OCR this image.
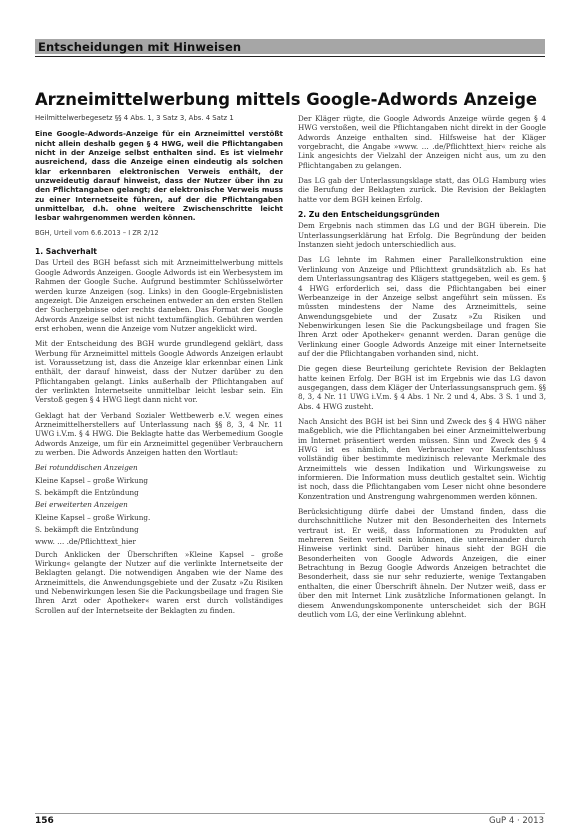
Entscheidungen mit Hinweisen
Arzneimittelwerbung mittels Google-Adwords Anzeige

Heilmittelwerbegesetz §§ 4 Abs. 1, 3 Satz 3, Abs. 4 Satz 1

Eine Google-Adwords-Anzeige für ein Arzneimittel verstößt nicht allein deshalb gegen § 4 HWG, weil die Pflichtangaben nicht in der Anzeige selbst enthalten sind. Es ist vielmehr ausreichend, dass die Anzeige einen eindeutig als solchen klar erkennbaren elektronischen Verweis enthält, der unzweideutig darauf hinweist, dass der Nutzer über ihn zu den Pflichtangaben gelangt; der elektronische Verweis muss zu einer Internetseite führen, auf der die Pflichtangaben unmittelbar, d.h. ohne weitere Zwischenschritte leicht lesbar wahrgenommen werden können.

BGH, Urteil vom 6.6.2013 – I ZR 2/12

1. Sachverhalt

Das Urteil des BGH befasst sich mit Arzneimittelwerbung mittels Google Adwords Anzeigen. Google Adwords ist ein Werbesystem im Rahmen der Google Suche. Aufgrund bestimmter Schlüsselwörter werden kurze Anzeigen (sog. Links) in den Google-Ergebnislisten angezeigt. Die Anzeigen erscheinen entweder an den ersten Stellen der Suchergebnisse oder rechts daneben. Das Format der Google Adwords Anzeige selbst ist nicht textumfänglich. Gebühren werden erst erhoben, wenn die Anzeige vom Nutzer angeklickt wird.

Mit der Entscheidung des BGH wurde grundlegend geklärt, dass Werbung für Arzneimittel mittels Google Adwords Anzeigen erlaubt ist. Voraussetzung ist, dass die Anzeige klar erkennbar einen Link enthält, der darauf hinweist, dass der Nutzer darüber zu den Pflichtangaben gelangt. Links außerhalb der Pflichtangaben auf der verlinkten Internetseite unmittelbar leicht lesbar sein. Ein Verstoß gegen § 4 HWG liegt dann nicht vor.

Geklagt hat der Verband Sozialer Wettbewerb e.V. wegen eines Arzneimittelherstellers auf Unterlassung nach §§ 8, 3, 4 Nr. 11 UWG i.V.m. § 4 HWG. Die Beklagte hatte das Werbemedium Google Adwords Anzeige, um für ein Arzneimittel gegenüber Verbrauchern zu werben. Die Adwords Anzeigen hatten den Wortlaut:

Bei rotunddischen Anzeigen

Kleine Kapsel – große Wirkung

S. bekämpft die Entzündung

Bei erweiterten Anzeigen

Kleine Kapsel – große Wirkung.

S. bekämpft die Entzündung

www. … .de/Pflichttext_hier

Durch Anklicken der Überschriften »Kleine Kapsel – große Wirkung« gelangte der Nutzer auf die verlinkte Internetseite der Beklagten gelangt. Die notwendigen Angaben wie der Name des Arzneimittels, die Anwendungsgebiete und der Zusatz »Zu Risiken und Nebenwirkungen lesen Sie die Packungsbeilage und fragen Sie Ihren Arzt oder Apotheker« waren erst durch vollständiges Scrollen auf der Internetseite der Beklagten zu finden.

Der Kläger rügte, die Google Adwords Anzeige würde gegen § 4 HWG verstoßen, weil die Pflichtangaben nicht direkt in der Google Adwords Anzeige enthalten sind. Hilfsweise hat der Kläger vorgebracht, die Angabe »www. … .de/Pflichttext_hier« reiche als Link angesichts der Vielzahl der Anzeigen nicht aus, um zu den Pflichtangaben zu gelangen.

Das LG gab der Unterlassungsklage statt, das OLG Hamburg wies die Berufung der Beklagten zurück. Die Revision der Beklagten hatte vor dem BGH keinen Erfolg.

2. Zu den Entscheidungsgründen

Dem Ergebnis nach stimmen das LG und der BGH überein. Die Unterlassungserklärung hat Erfolg. Die Begründung der beiden Instanzen sieht jedoch unterschiedlich aus.

Das LG lehnte im Rahmen einer Parallelkonstruktion eine Verlinkung von Anzeige und Pflichttext grundsätzlich ab. Es hat dem Unterlassungsantrag des Klägers stattgegeben, weil es gem. § 4 HWG erforderlich sei, dass die Pflichtangaben bei einer Werbeanzeige in der Anzeige selbst angeführt sein müssen. Es müssten mindestens der Name des Arzneimittels, seine Anwendungsgebiete und der Zusatz »Zu Risiken und Nebenwirkungen lesen Sie die Packungsbeilage und fragen Sie Ihren Arzt oder Apotheker« genannt werden. Daran genüge die Verlinkung einer Google Adwords Anzeige mit einer Internetseite auf der die Pflichtangaben vorhanden sind, nicht.

Die gegen diese Beurteilung gerichtete Revision der Beklagten hatte keinen Erfolg. Der BGH ist im Ergebnis wie das LG davon ausgegangen, dass dem Kläger der Unterlassungsanspruch gem. §§ 8, 3, 4 Nr. 11 UWG i.V.m. § 4 Abs. 1 Nr. 2 und 4, Abs. 3 S. 1 und 3, Abs. 4 HWG zusteht.

Nach Ansicht des BGH ist bei Sinn und Zweck des § 4 HWG näher maßgeblich, wie die Pflichtangaben bei einer Arzneimittelwerbung im Internet präsentiert werden müssen. Sinn und Zweck des § 4 HWG ist es nämlich, den Verbraucher vor Kaufentschluss vollständig über bestimmte medizinisch relevante Merkmale des Arzneimittels wie dessen Indikation und Wirkungsweise zu informieren. Die Information muss deutlich gestaltet sein. Wichtig ist noch, dass die Pflichtangaben vom Leser nicht ohne besondere Konzentration und Anstrengung wahrgenommen werden können.

Berücksichtigung dürfe dabei der Umstand finden, dass die durchschnittliche Nutzer mit den Besonderheiten des Internets vertraut ist. Er weiß, dass Informationen zu Produkten auf mehreren Seiten verteilt sein können, die untereinander durch Hinweise verlinkt sind. Darüber hinaus sieht der BGH die Besonderheiten von Google Adwords Anzeigen, die einer Betrachtung in Bezug Google Adwords Anzeigen betrachtet die Besonderheit, dass sie nur sehr reduzierte, wenige Textangaben enthalten, die einer Überschrift ähneln. Der Nutzer weiß, dass er über den mit Internet Link zusätzliche Informationen gelangt. In diesem Anwendungskomponente unterscheidet sich der BGH deutlich vom LG, der eine Verlinkung ablehnt.

156	GuP 4 · 2013
